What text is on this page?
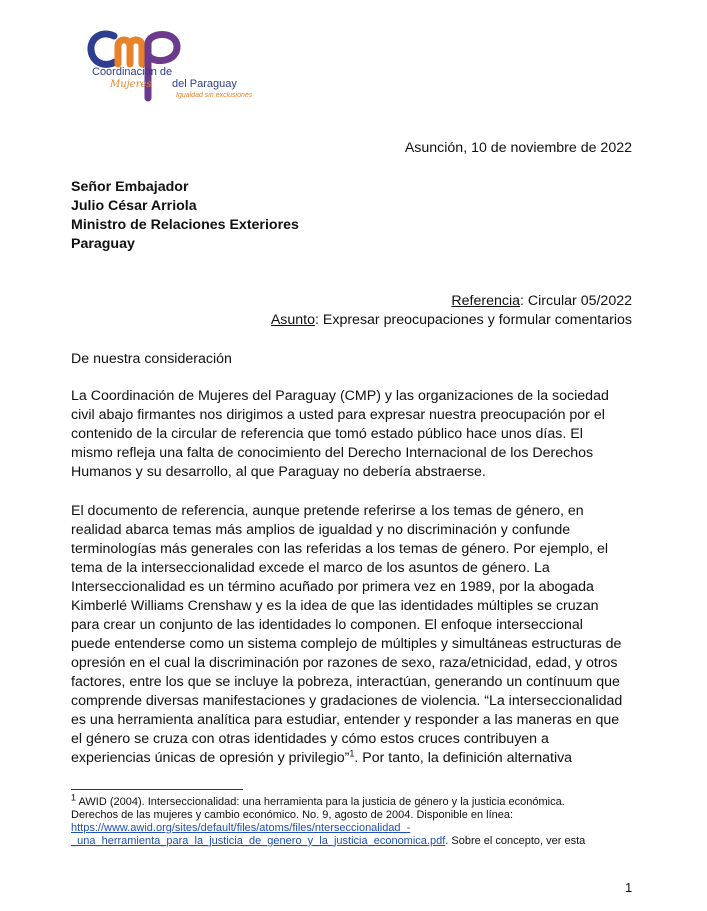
Coordinación de
Mujeres del Paraguay
Igualdad sin exclusiones
Asunción, 10 de noviembre de 2022
Señor Embajador
Julio César Arriola
Ministro de Relaciones Exteriores
Paraguay
Referencia: Circular 05/2022
Asunto: Expresar preocupaciones y formular comentarios
De nuestra consideración
La Coordinación de Mujeres del Paraguay (CMP) y las organizaciones de la sociedad
civil abajo firmantes nos dirigimos a usted para expresar nuestra preocupación por el
contenido de la circular de referencia que tomó estado público hace unos días. El
mismo refleja una falta de conocimiento del Derecho Internacional de los Derechos
Humanos y su desarrollo, al que Paraguay no debería abstraerse.
El documento de referencia, aunque pretende referirse a los temas de género, en
realidad abarca temas más amplios de igualdad y no discriminación y confunde
terminologías más generales con las referidas a los temas de género. Por ejemplo, el
tema de la interseccionalidad excede el marco de los asuntos de género. La
Interseccionalidad es un término acuñado por primera vez en 1989, por la abogada
Kimberlé Williams Crenshaw y es la idea de que las identidades múltiples se cruzan
para crear un conjunto de las identidades lo componen. El enfoque interseccional
puede entenderse como un sistema complejo de múltiples y simultáneas estructuras de
opresión en el cual la discriminación por razones de sexo, raza/etnicidad, edad, y otros
factores, entre los que se incluye la pobreza, interactúan, generando un contínuum que
comprende diversas manifestaciones y gradaciones de violencia. “La interseccionalidad
es una herramienta analítica para estudiar, entender y responder a las maneras en que
el género se cruza con otras identidades y cómo estos cruces contribuyen a
experiencias únicas de opresión y privilegio”$^1$. Por tanto, la definición alternativa
$^1$ AWID (2004). Interseccionalidad: una herramienta para la justicia de género y la justicia económica.
Derechos de las mujeres y cambio económico. No. 9, agosto de 2004. Disponible en línea:
https://www.awid.org/sites/default/files/atoms/files/nterseccionalidad_-
_una_herramienta_para_la_justicia_de_genero_y_la_justicia_economica.pdf. Sobre el concepto, ver esta
1
